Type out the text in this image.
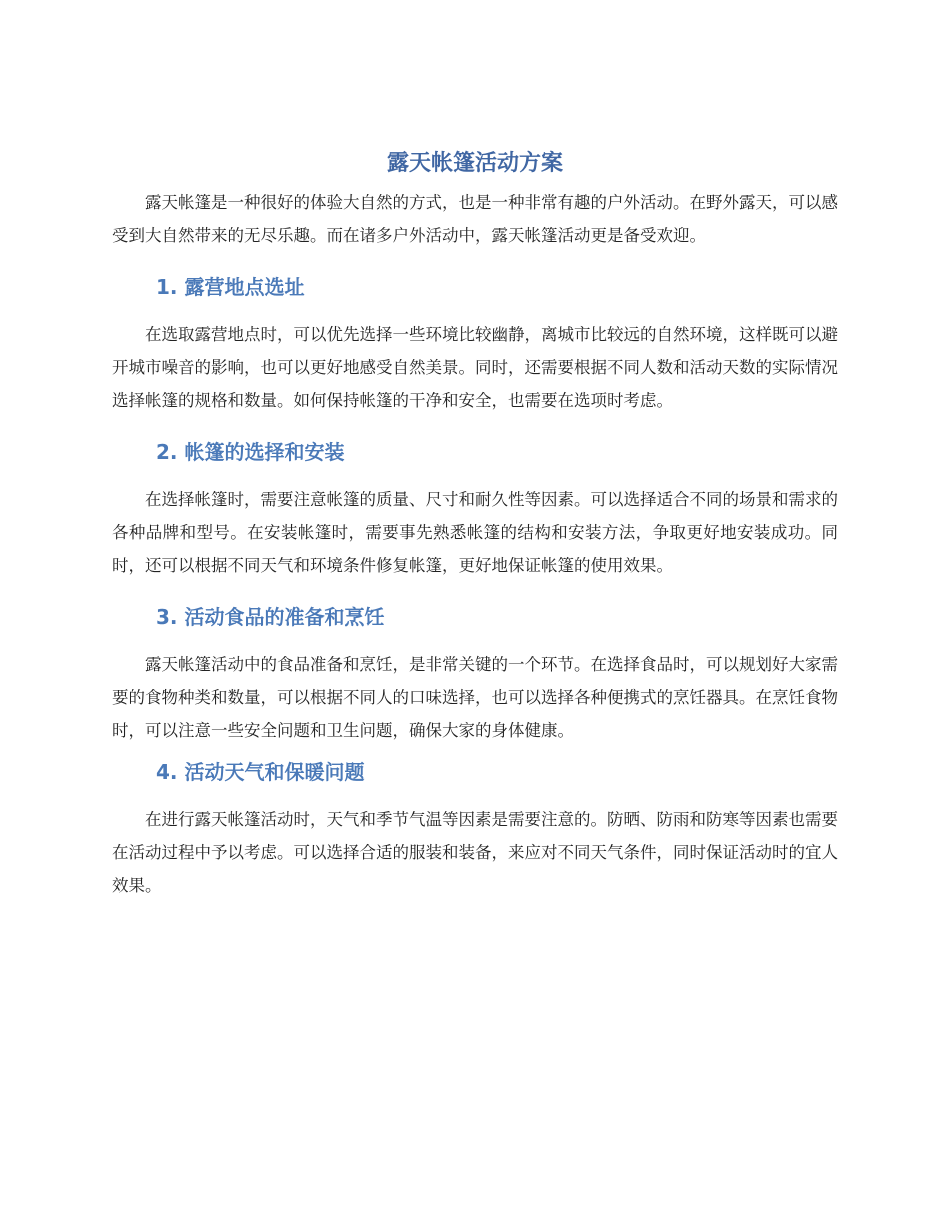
露天帐篷活动方案

露天帐篷是一种很好的体验大自然的方式，也是一种非常有趣的户外活动。在野外露天，可以感受到大自然带来的无尽乐趣。而在诸多户外活动中，露天帐篷活动更是备受欢迎。

1. 露营地点选址

在选取露营地点时，可以优先选择一些环境比较幽静，离城市比较远的自然环境，这样既可以避开城市噪音的影响，也可以更好地感受自然美景。同时，还需要根据不同人数和活动天数的实际情况选择帐篷的规格和数量。如何保持帐篷的干净和安全，也需要在选项时考虑。

2. 帐篷的选择和安装

在选择帐篷时，需要注意帐篷的质量、尺寸和耐久性等因素。可以选择适合不同的场景和需求的各种品牌和型号。在安装帐篷时，需要事先熟悉帐篷的结构和安装方法，争取更好地安装成功。同时，还可以根据不同天气和环境条件修复帐篷，更好地保证帐篷的使用效果。

3. 活动食品的准备和烹饪

露天帐篷活动中的食品准备和烹饪，是非常关键的一个环节。在选择食品时，可以规划好大家需要的食物种类和数量，可以根据不同人的口味选择，也可以选择各种便携式的烹饪器具。在烹饪食物时，可以注意一些安全问题和卫生问题，确保大家的身体健康。

4. 活动天气和保暖问题

在进行露天帐篷活动时，天气和季节气温等因素是需要注意的。防晒、防雨和防寒等因素也需要在活动过程中予以考虑。可以选择合适的服装和装备，来应对不同天气条件，同时保证活动时的宜人效果。
